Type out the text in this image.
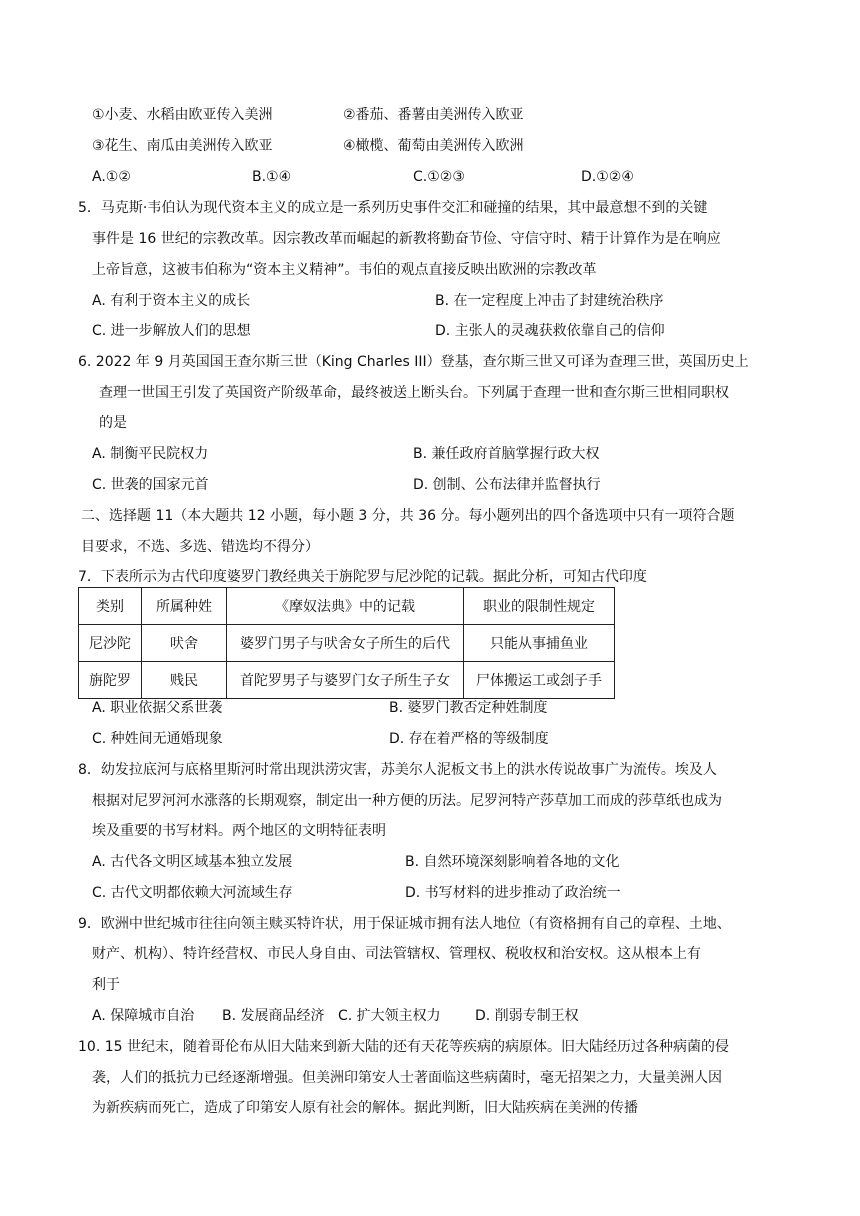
①小麦、水稻由欧亚传入美洲	②番茄、番薯由美洲传入欧亚
③花生、南瓜由美洲传入欧亚	④橄榄、葡萄由美洲传入欧洲
A.①②	B.①④	C.①②③	D.①②④
5．马克斯·韦伯认为现代资本主义的成立是一系列历史事件交汇和碰撞的结果，其中最意想不到的关键
事件是 16 世纪的宗教改革。因宗教改革而崛起的新教将勤奋节俭、守信守时、精于计算作为是在响应
上帝旨意，这被韦伯称为“资本主义精神”。韦伯的观点直接反映出欧洲的宗教改革
A. 有利于资本主义的成长	B. 在一定程度上冲击了封建统治秩序
C. 进一步解放人们的思想	D. 主张人的灵魂获救依靠自己的信仰
6. 2022 年 9 月英国国王查尔斯三世（King Charles III）登基，查尔斯三世又可译为查理三世，英国历史上
查理一世国王引发了英国资产阶级革命，最终被送上断头台。下列属于查理一世和查尔斯三世相同职权
的是
A. 制衡平民院权力	B. 兼任政府首脑掌握行政大权
C. 世袭的国家元首	D. 创制、公布法律并监督执行
二、选择题 11（本大题共 12 小题，每小题 3 分，共 36 分。每小题列出的四个备选项中只有一项符合题
目要求，不选、多选、错选均不得分）
7．下表所示为古代印度婆罗门教经典关于旃陀罗与尼沙陀的记载。据此分析，可知古代印度
类别	所属种姓	《摩奴法典》中的记载	职业的限制性规定
尼沙陀	吠舍	婆罗门男子与吠舍女子所生的后代	只能从事捕鱼业
旃陀罗	贱民	首陀罗男子与婆罗门女子所生子女	尸体搬运工或刽子手
A. 职业依据父系世袭	B. 婆罗门教否定种姓制度
C. 种姓间无通婚现象	D. 存在着严格的等级制度
8．幼发拉底河与底格里斯河时常出现洪涝灾害，苏美尔人泥板文书上的洪水传说故事广为流传。埃及人
根据对尼罗河河水涨落的长期观察，制定出一种方便的历法。尼罗河特产莎草加工而成的莎草纸也成为
埃及重要的书写材料。两个地区的文明特征表明
A. 古代各文明区域基本独立发展	B. 自然环境深刻影响着各地的文化
C. 古代文明都依赖大河流域生存	D. 书写材料的进步推动了政治统一
9．欧洲中世纪城市往往向领主赎买特许状，用于保证城市拥有法人地位（有资格拥有自己的章程、土地、
财产、机构）、特许经营权、市民人身自由、司法管辖权、管理权、税收权和治安权。这从根本上有
利于
A. 保障城市自治 B. 发展商品经济 C. 扩大领主权力 D. 削弱专制王权
10. 15 世纪末，随着哥伦布从旧大陆来到新大陆的还有天花等疾病的病原体。旧大陆经历过各种病菌的侵
袭，人们的抵抗力已经逐渐增强。但美洲印第安人士著面临这些病菌时，毫无招架之力，大量美洲人因
为新疾病而死亡，造成了印第安人原有社会的解体。据此判断，旧大陆疾病在美洲的传播
